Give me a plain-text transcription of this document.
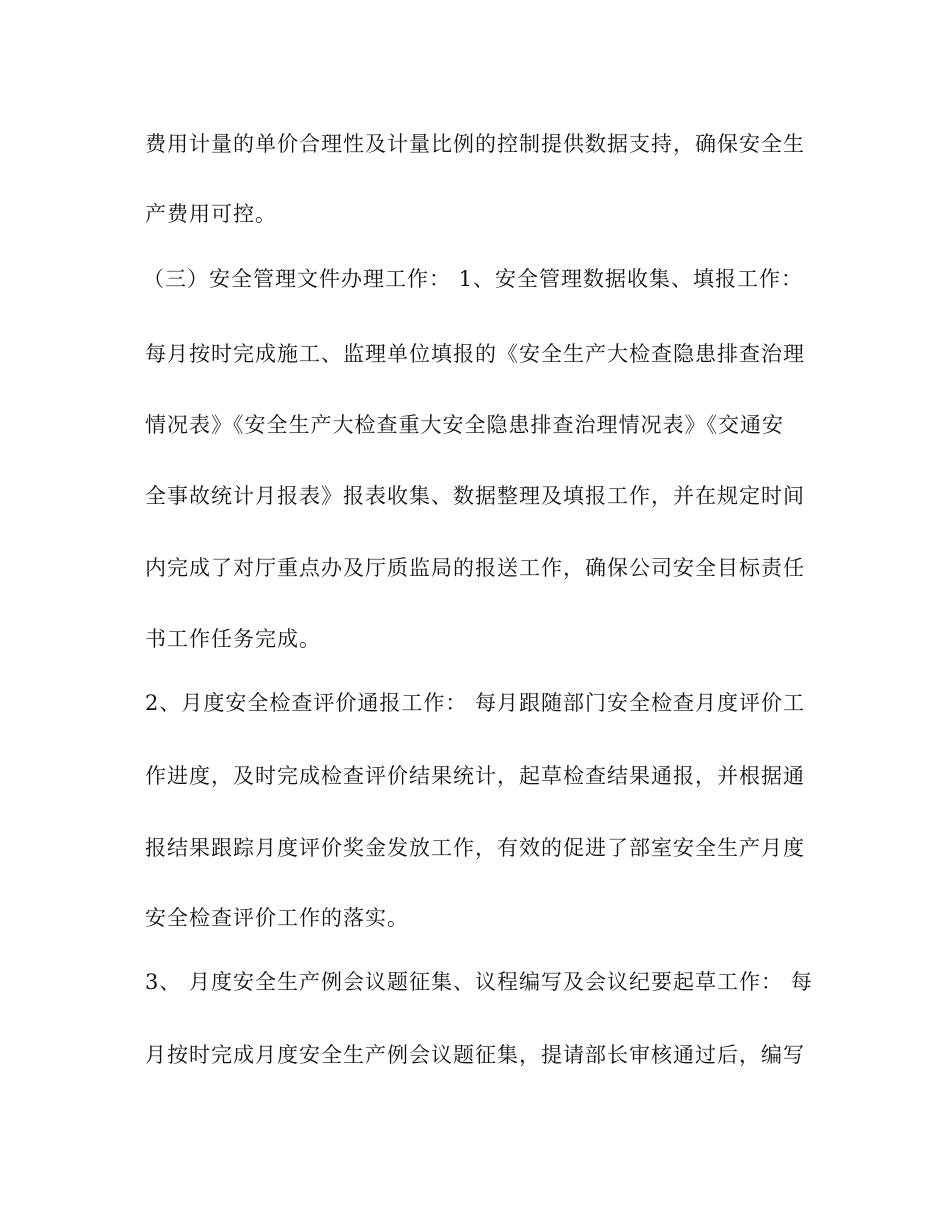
费用计量的单价合理性及计量比例的控制提供数据支持，确保安全生
产费用可控。
（三）安全管理文件办理工作： 1、安全管理数据收集、填报工作：
每月按时完成施工、监理单位填报的《安全生产大检查隐患排查治理
情况表》《安全生产大检查重大安全隐患排查治理情况表》《交通安
全事故统计月报表》报表收集、数据整理及填报工作，并在规定时间
内完成了对厅重点办及厅质监局的报送工作，确保公司安全目标责任
书工作任务完成。
2、月度安全检查评价通报工作： 每月跟随部门安全检查月度评价工
作进度，及时完成检查评价结果统计，起草检查结果通报，并根据通
报结果跟踪月度评价奖金发放工作，有效的促进了部室安全生产月度
安全检查评价工作的落实。
3、 月度安全生产例会议题征集、议程编写及会议纪要起草工作： 每
月按时完成月度安全生产例会议题征集，提请部长审核通过后，编写
